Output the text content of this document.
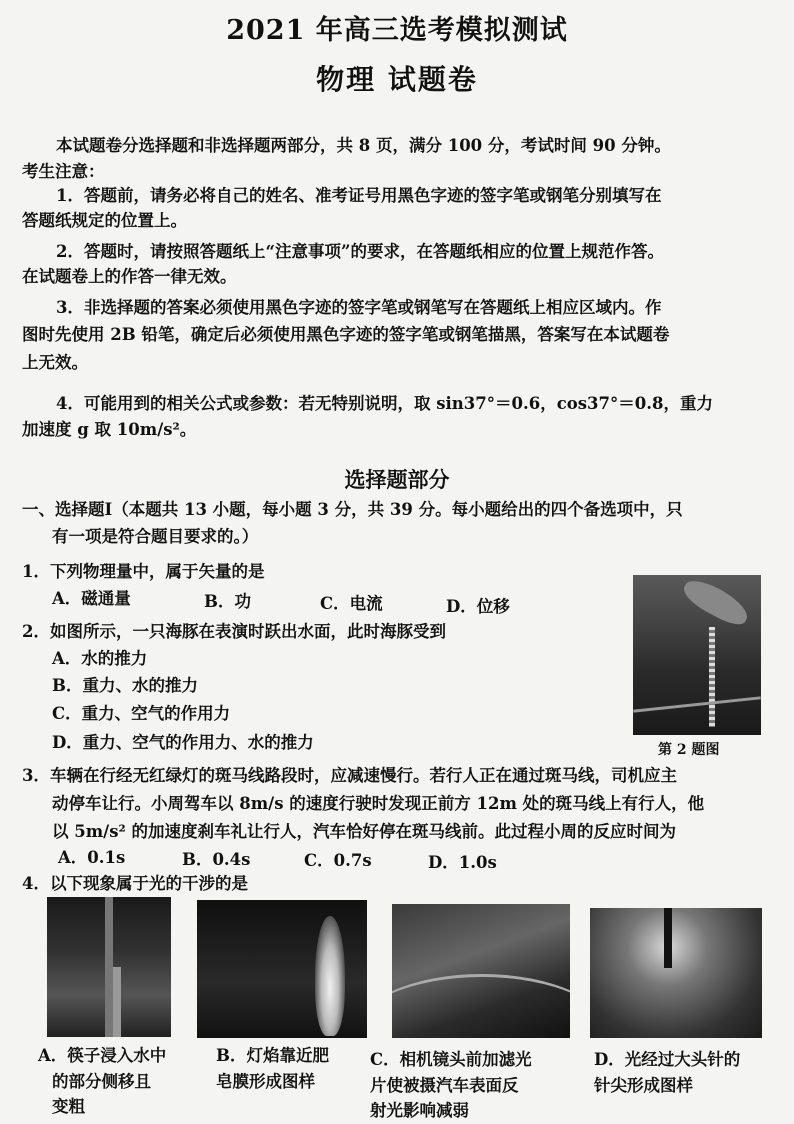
2021 年高三选考模拟测试
物理 试题卷
本试题卷分选择题和非选择题两部分，共 8 页，满分 100 分，考试时间 90 分钟。
考生注意：
1．答题前，请务必将自己的姓名、准考证号用黑色字迹的签字笔或钢笔分别填写在
答题纸规定的位置上。
2．答题时，请按照答题纸上“注意事项”的要求，在答题纸相应的位置上规范作答。
在试题卷上的作答一律无效。
3．非选择题的答案必须使用黑色字迹的签字笔或钢笔写在答题纸上相应区域内。作
图时先使用 2B 铅笔，确定后必须使用黑色字迹的签字笔或钢笔描黑，答案写在本试题卷
上无效。
4．可能用到的相关公式或参数：若无特别说明，取 sin37°＝0.6，cos37°＝0.8，重力
加速度 g 取 10m/s²。
选择题部分
一、选择题Ⅰ（本题共 13 小题，每小题 3 分，共 39 分。每小题给出的四个备选项中，只
有一项是符合题目要求的。）
1．下列物理量中，属于矢量的是
A．磁通量	B．功	C．电流	D．位移
2．如图所示，一只海豚在表演时跃出水面，此时海豚受到
A．水的推力
B．重力、水的推力
C．重力、空气的作用力
D．重力、空气的作用力、水的推力	第 2 题图
3．车辆在行经无红绿灯的斑马线路段时，应减速慢行。若行人正在通过斑马线，司机应主
动停车让行。小周驾车以 8m/s 的速度行驶时发现正前方 12m 处的斑马线上有行人，他
以 5m/s² 的加速度刹车礼让行人，汽车恰好停在斑马线前。此过程小周的反应时间为
A．0.1s	B．0.4s	C．0.7s	D．1.0s
4．以下现象属于光的干涉的是
A．筷子浸入水中
的部分侧移且
变粗
B．灯焰靠近肥
皂膜形成图样
C．相机镜头前加滤光
片使被摄汽车表面反
射光影响减弱
D．光经过大头针的
针尖形成图样
